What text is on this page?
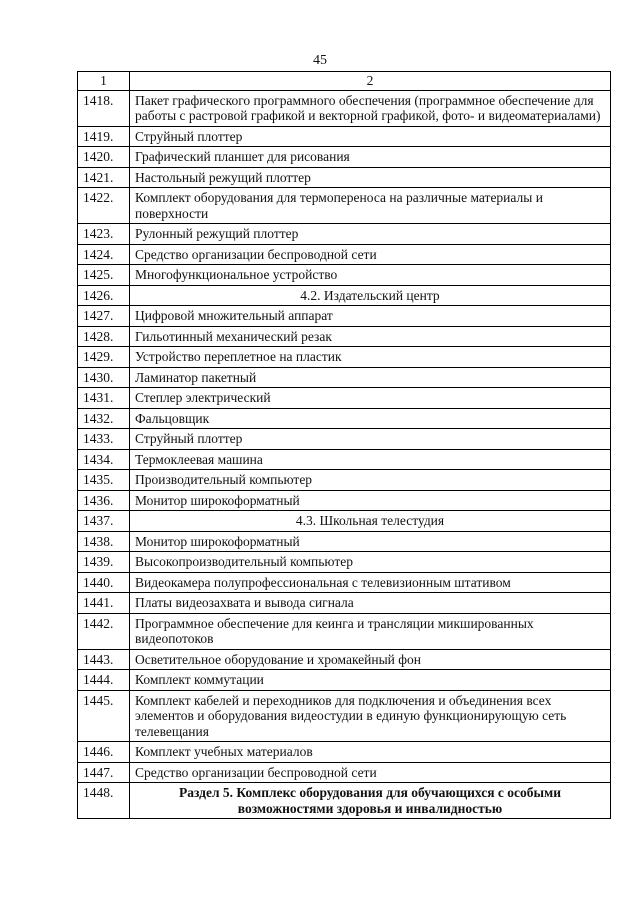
45
1	2
1418.	Пакет графического программного обеспечения (программное обеспечение для работы с растровой графикой и векторной графикой, фото- и видеоматериалами)
1419.	Струйный плоттер
1420.	Графический планшет для рисования
1421.	Настольный режущий плоттер
1422.	Комплект оборудования для термопереноса на различные материалы и поверхности
1423.	Рулонный режущий плоттер
1424.	Средство организации беспроводной сети
1425.	Многофункциональное устройство
1426.	4.2. Издательский центр
1427.	Цифровой множительный аппарат
1428.	Гильотинный механический резак
1429.	Устройство переплетное на пластик
1430.	Ламинатор пакетный
1431.	Степлер электрический
1432.	Фальцовщик
1433.	Струйный плоттер
1434.	Термоклеевая машина
1435.	Производительный компьютер
1436.	Монитор широкоформатный
1437.	4.3. Школьная телестудия
1438.	Монитор широкоформатный
1439.	Высокопроизводительный компьютер
1440.	Видеокамера полупрофессиональная с телевизионным штативом
1441.	Платы видеозахвата и вывода сигнала
1442.	Программное обеспечение для кеинга и трансляции микшированных видеопотоков
1443.	Осветительное оборудование и хромакейный фон
1444.	Комплект коммутации
1445.	Комплект кабелей и переходников для подключения и объединения всех элементов и оборудования видеостудии в единую функционирующую сеть телевещания
1446.	Комплект учебных материалов
1447.	Средство организации беспроводной сети
1448.	Раздел 5. Комплекс оборудования для обучающихся с особыми возможностями здоровья и инвалидностью
